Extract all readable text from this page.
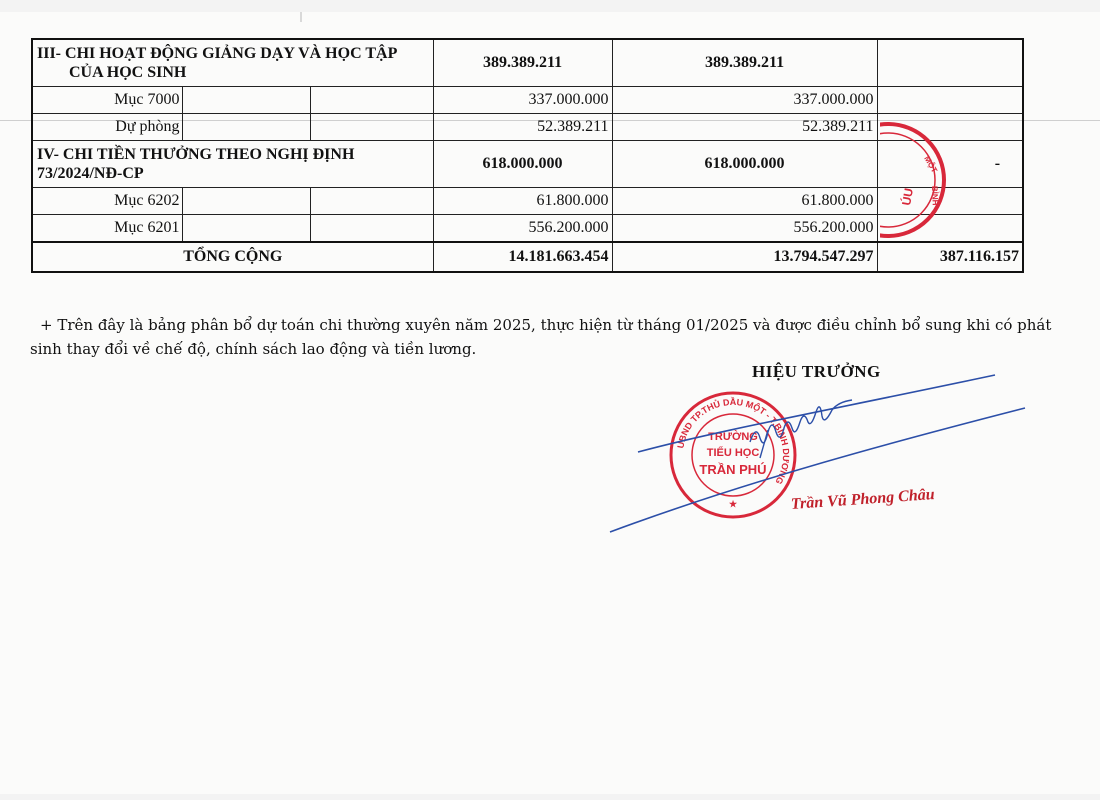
III- CHI HOẠT ĐỘNG GIẢNG DẠY VÀ HỌC TẬP
CỦA HỌC SINH			389.389.211	389.389.211	
Mục 7000			337.000.000	337.000.000	
Dự phòng			52.389.211	52.389.211	
IV- CHI TIỀN THƯỞNG THEO NGHỊ ĐỊNH
73/2024/NĐ-CP			618.000.000	618.000.000	-
Mục 6202			61.800.000	61.800.000	
Mục 6201			556.200.000	556.200.000	
TỔNG CỘNG			14.181.663.454	13.794.547.297	387.116.157
ÚU
MỘT
BÌNH
+ Trên đây là bảng phân bổ dự toán chi thường xuyên năm 2025, thực hiện từ tháng 01/2025 và được điều chỉnh bổ sung khi có phát sinh thay đổi về chế độ, chính sách lao động và tiền lương.
HIỆU TRƯỞNG
UBND TP.THỦ DẦU MỘT - T.BÌNH DƯƠNG
TRƯỜNG
TIỂU HỌC
TRẦN PHÚ
★	Trần Vũ Phong Châu
